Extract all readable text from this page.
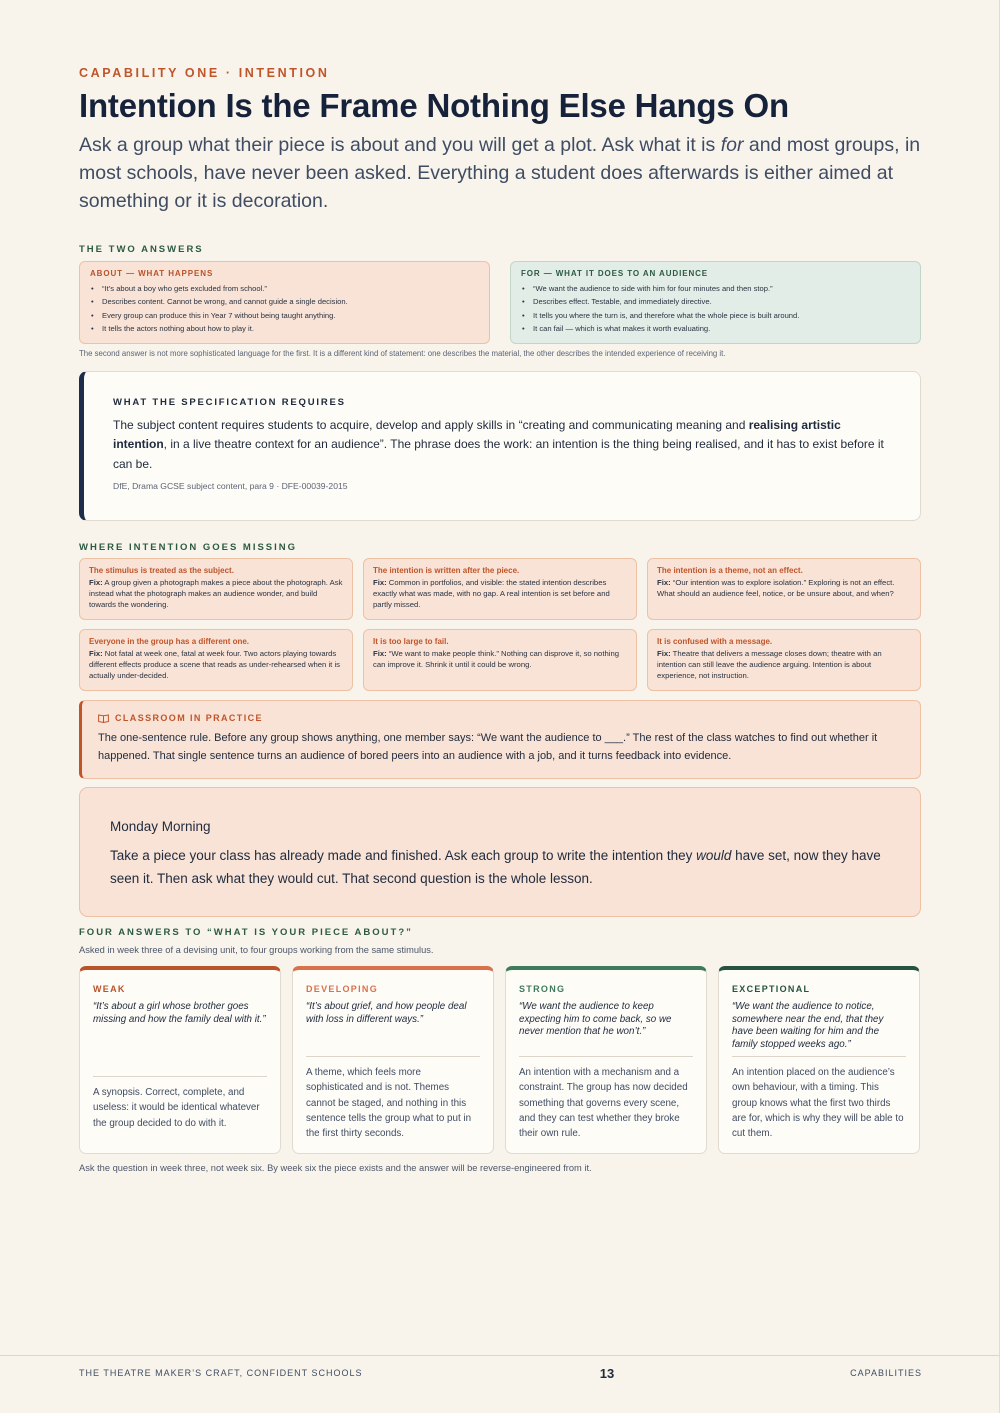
CAPABILITY ONE · INTENTION
Intention Is the Frame Nothing Else Hangs On

Ask a group what their piece is about and you will get a plot. Ask what it is for and most groups, in most schools, have never been asked. Everything a student does afterwards is either aimed at something or it is decoration.

THE TWO ANSWERS
ABOUT — WHAT HAPPENS
• “It’s about a boy who gets excluded from school.”
• Describes content. Cannot be wrong, and cannot guide a single decision.
• Every group can produce this in Year 7 without being taught anything.
• It tells the actors nothing about how to play it.
FOR — WHAT IT DOES TO AN AUDIENCE
• “We want the audience to side with him for four minutes and then stop.”
• Describes effect. Testable, and immediately directive.
• It tells you where the turn is, and therefore what the whole piece is built around.
• It can fail — which is what makes it worth evaluating.
The second answer is not more sophisticated language for the first. It is a different kind of statement: one describes the material, the other describes the intended experience of receiving it.
WHAT THE SPECIFICATION REQUIRES

The subject content requires students to acquire, develop and apply skills in “creating and communicating meaning and realising artistic intention, in a live theatre context for an audience”. The phrase does the work: an intention is the thing being realised, and it has to exist before it can be.

DfE, Drama GCSE subject content, para 9 · DFE-00039-2015
WHERE INTENTION GOES MISSING
The stimulus is treated as the subject.
Fix: A group given a photograph makes a piece about the photograph. Ask instead what the photograph makes an audience wonder, and build towards the wondering.
The intention is written after the piece.
Fix: Common in portfolios, and visible: the stated intention describes exactly what was made, with no gap. A real intention is set before and partly missed.
The intention is a theme, not an effect.
Fix: “Our intention was to explore isolation.” Exploring is not an effect. What should an audience feel, notice, or be unsure about, and when?
Everyone in the group has a different one.
Fix: Not fatal at week one, fatal at week four. Two actors playing towards different effects produce a scene that reads as under-rehearsed when it is actually under-decided.
It is too large to fail.
Fix: “We want to make people think.” Nothing can disprove it, so nothing can improve it. Shrink it until it could be wrong.
It is confused with a message.
Fix: Theatre that delivers a message closes down; theatre with an intention can still leave the audience arguing. Intention is about experience, not instruction.
CLASSROOM IN PRACTICE

The one-sentence rule. Before any group shows anything, one member says: “We want the audience to ___.” The rest of the class watches to find out whether it happened. That single sentence turns an audience of bored peers into an audience with a job, and it turns feedback into evidence.

Monday Morning

Take a piece your class has already made and finished. Ask each group to write the intention they would have set, now they have seen it. Then ask what they would cut. That second question is the whole lesson.

FOUR ANSWERS TO “WHAT IS YOUR PIECE ABOUT?”
Asked in week three of a devising unit, to four groups working from the same stimulus.
WEAK
“It’s about a girl whose brother goes missing and how the family deal with it.”
A synopsis. Correct, complete, and useless: it would be identical whatever the group decided to do with it.
DEVELOPING
“It’s about grief, and how people deal with loss in different ways.”
A theme, which feels more sophisticated and is not. Themes cannot be staged, and nothing in this sentence tells the group what to put in the first thirty seconds.
STRONG
“We want the audience to keep expecting him to come back, so we never mention that he won’t.”
An intention with a mechanism and a constraint. The group has now decided something that governs every scene, and they can test whether they broke their own rule.
EXCEPTIONAL
“We want the audience to notice, somewhere near the end, that they have been waiting for him and the family stopped weeks ago.”
An intention placed on the audience’s own behaviour, with a timing. This group knows what the first two thirds are for, which is why they will be able to cut them.
Ask the question in week three, not week six. By week six the piece exists and the answer will be reverse-engineered from it.
THE THEATRE MAKER’S CRAFT, CONFIDENT SCHOOLS	CAPABILITIES
13
